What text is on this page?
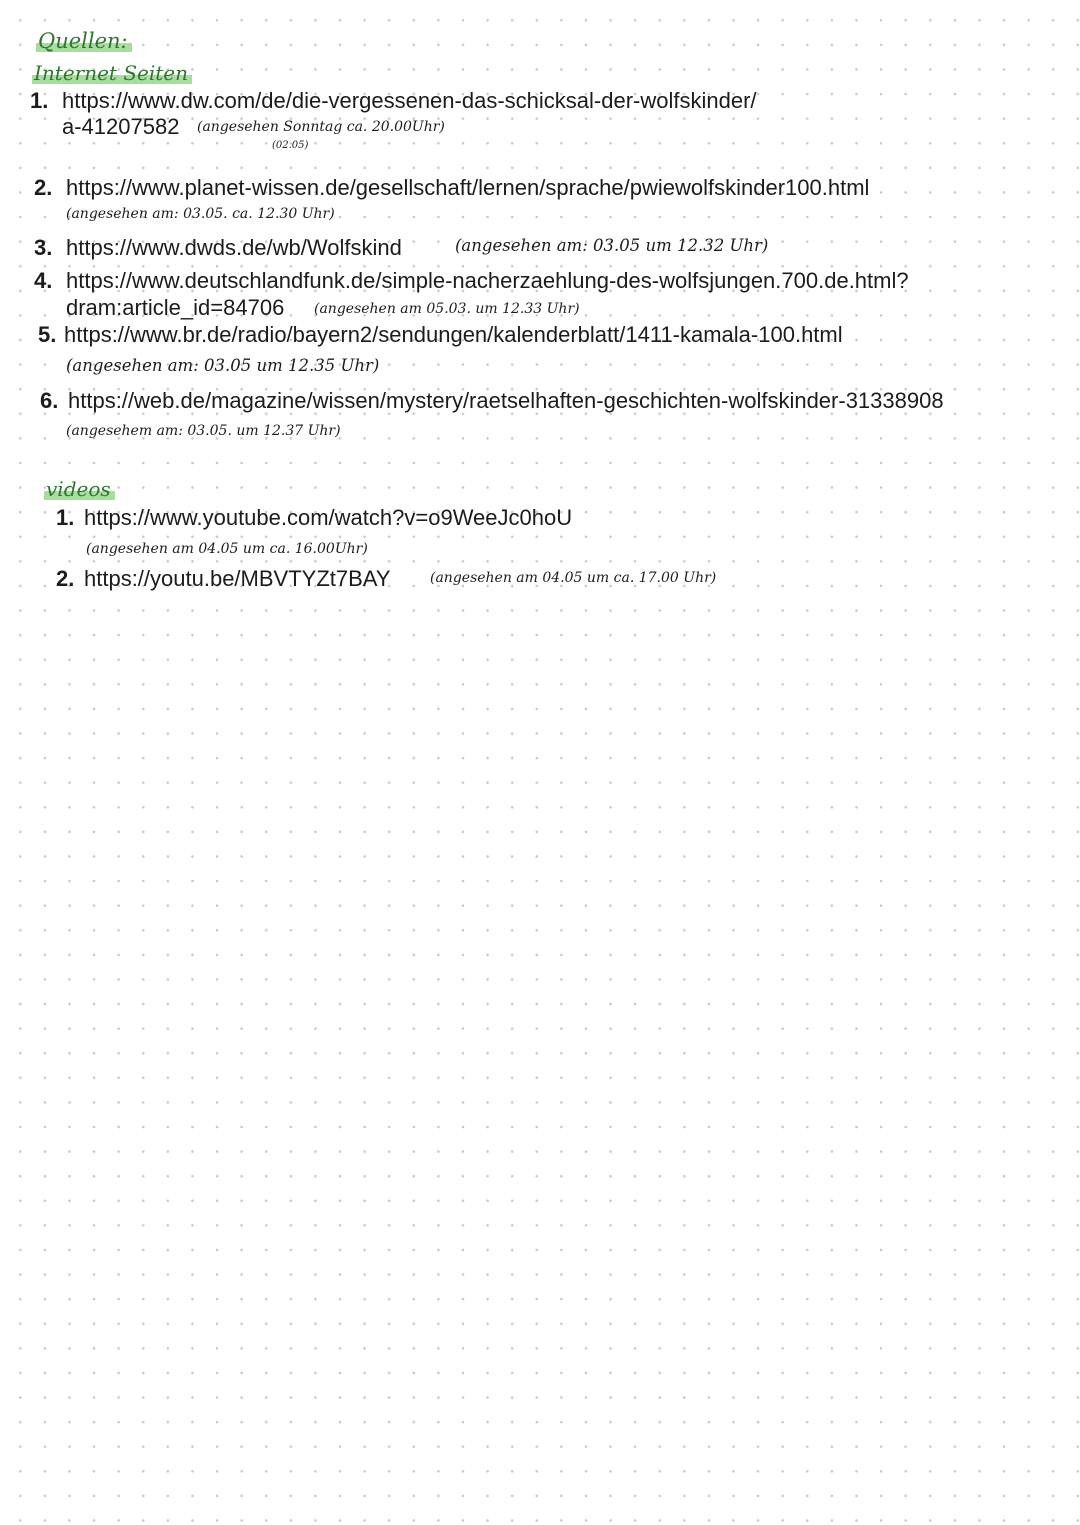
Quellen:
Internet Seiten
1. https://www.dw.com/de/die-vergessenen-das-schicksal-der-wolfskinder/
a-41207582 (angesehen Sonntag ca. 20.00Uhr)
(02.05)
2. https://www.planet-wissen.de/gesellschaft/lernen/sprache/pwiewolfskinder100.html
(angesehen am: 03.05. ca. 12.30 Uhr)
3. https://www.dwds.de/wb/Wolfskind	(angesehen am: 03.05 um 12.32 Uhr)
4. https://www.deutschlandfunk.de/simple-nacherzaehlung-des-wolfsjungen.700.de.html?
dram:article_id=84706 (angesehen am 05.03. um 12.33 Uhr)
5. https://www.br.de/radio/bayern2/sendungen/kalenderblatt/1411-kamala-100.html
(angesehen am: 03.05 um 12.35 Uhr)
6. https://web.de/magazine/wissen/mystery/raetselhaften-geschichten-wolfskinder-31338908
(angesehem am: 03.05. um 12.37 Uhr)
videos
1. https://www.youtube.com/watch?v=o9WeeJc0hoU
(angesehen am 04.05 um ca. 16.00Uhr)
2. https://youtu.be/MBVTYZt7BAY	(angesehen am 04.05 um ca. 17.00 Uhr)
